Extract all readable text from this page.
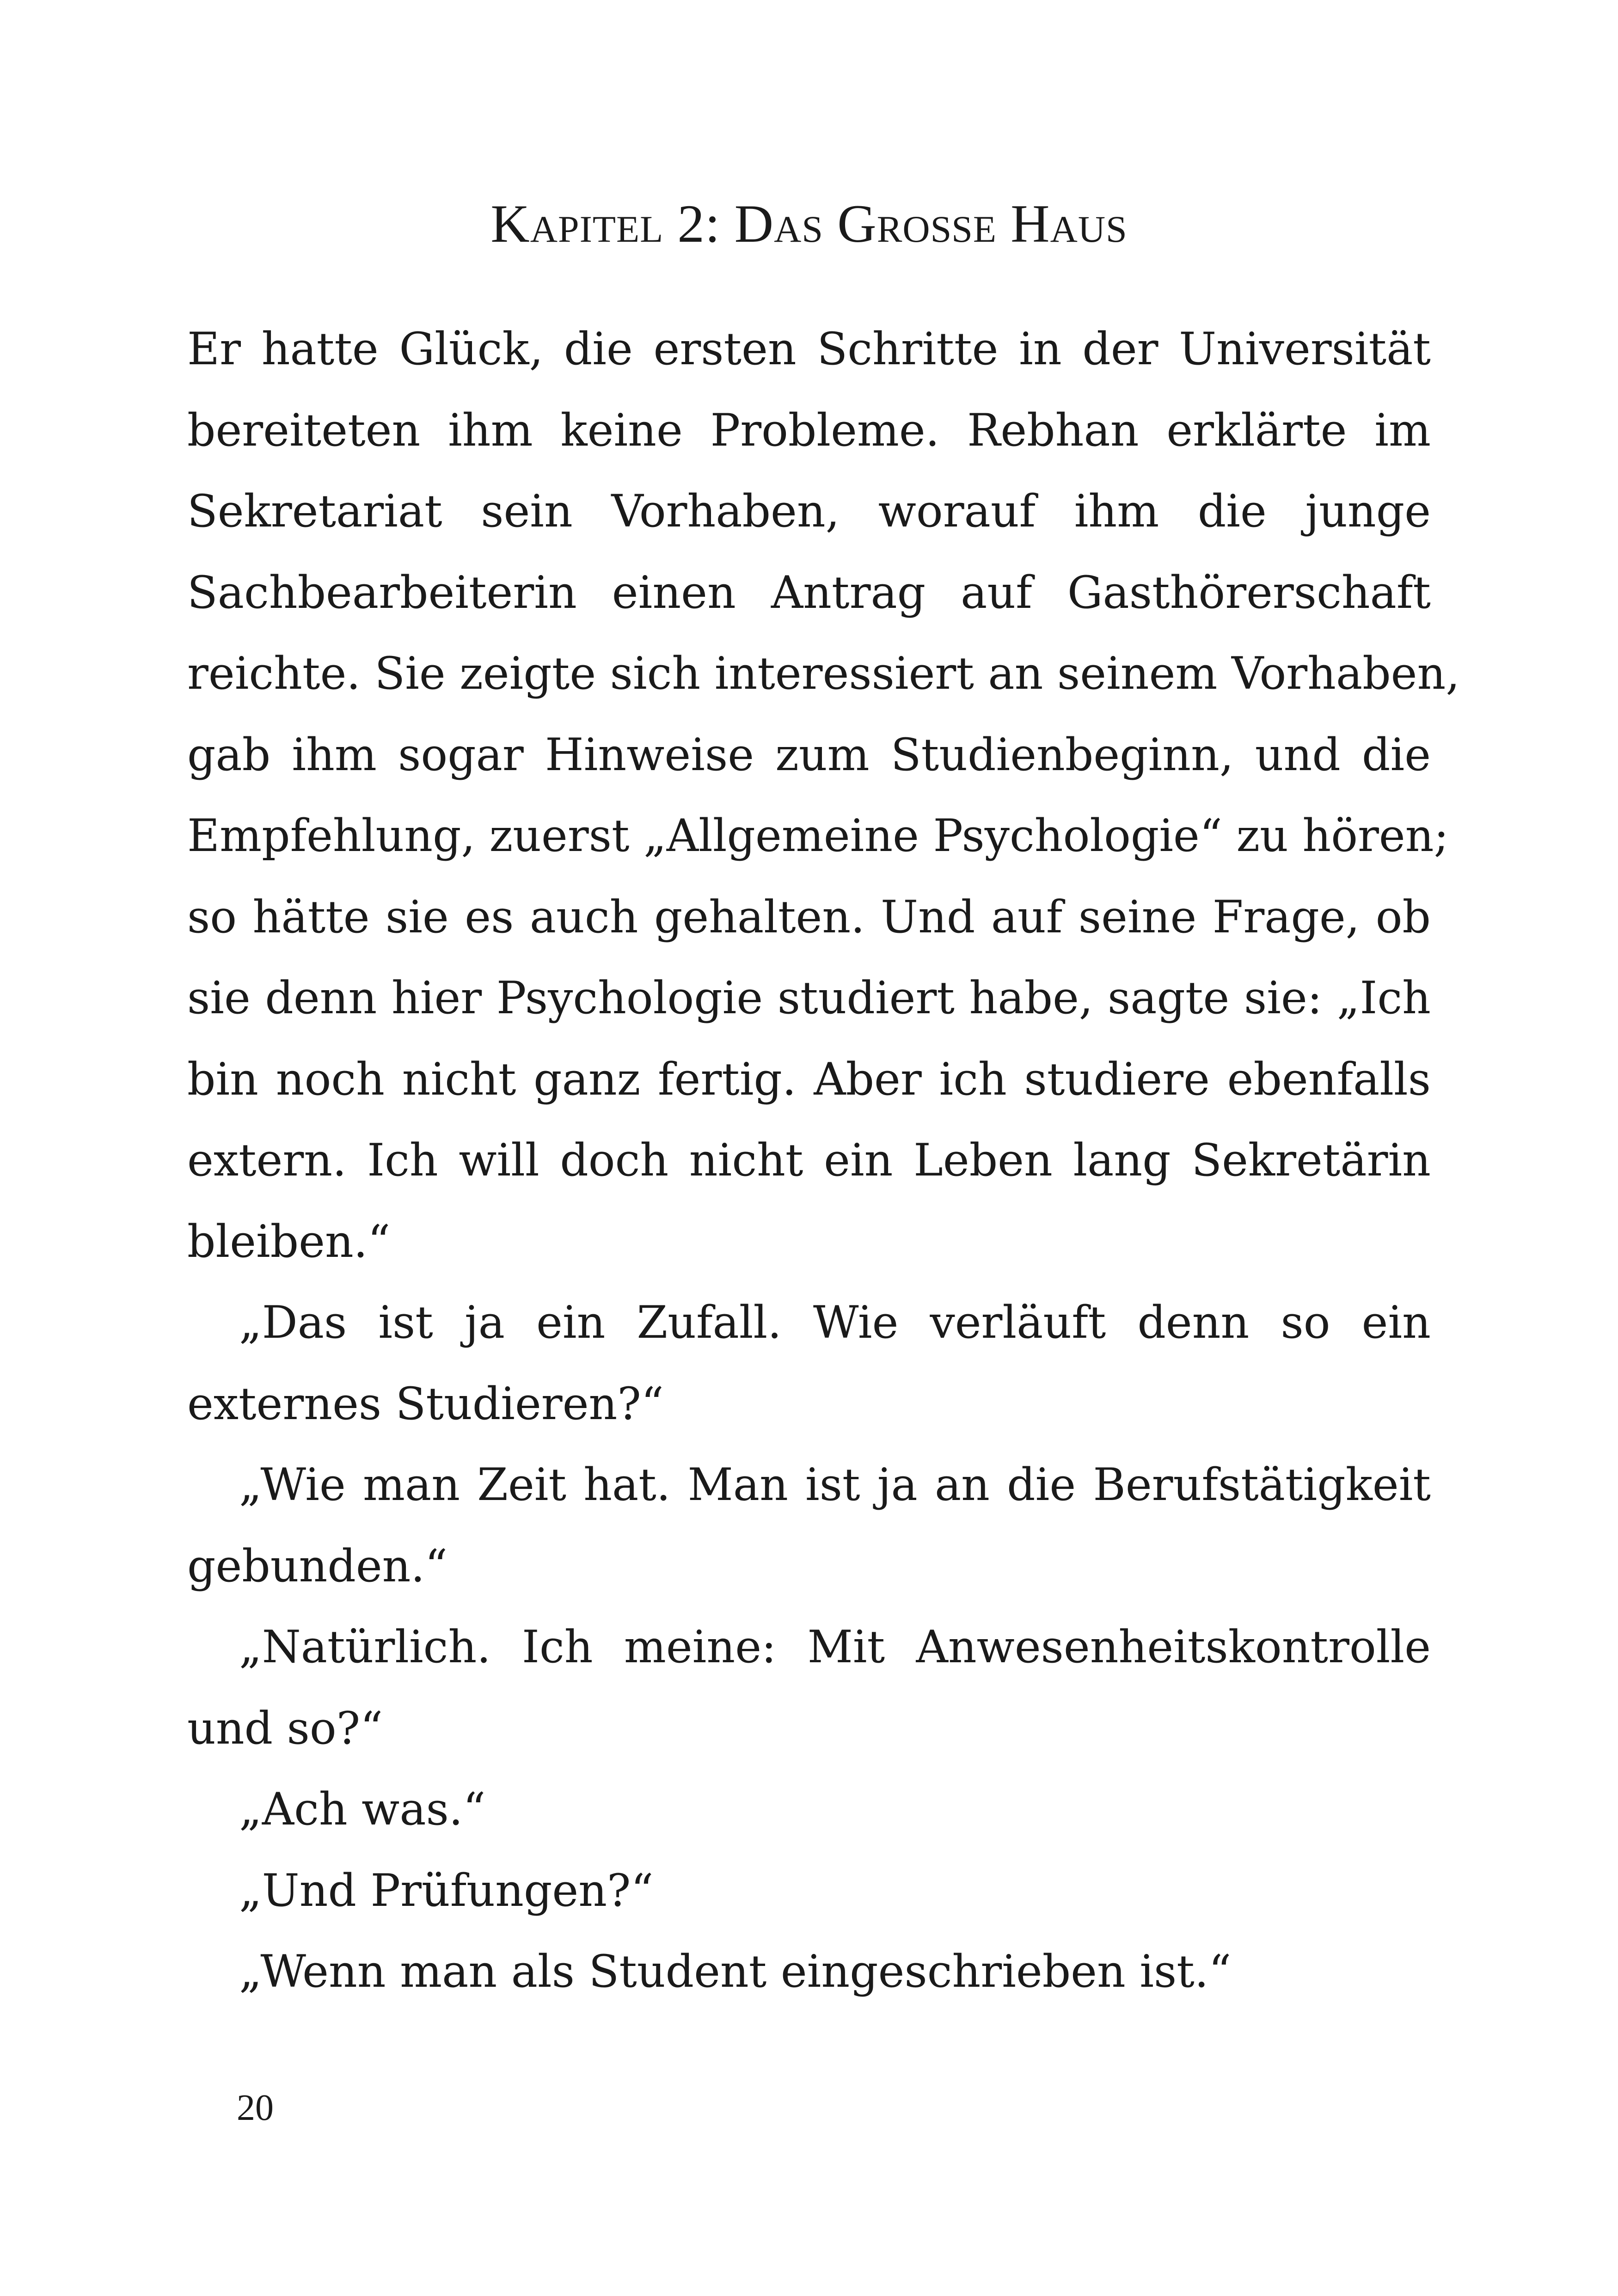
Kapitel 2: Das Große Haus

Er hatte Glück, die ersten Schritte in der Universität
bereiteten ihm keine Probleme. Rebhan erklärte im
Sekretariat sein Vorhaben, worauf ihm die junge
Sachbearbeiterin einen Antrag auf Gasthörerschaft
reichte. Sie zeigte sich interessiert an seinem Vorhaben,
gab ihm sogar Hinweise zum Studienbeginn, und die
Empfehlung, zuerst „Allgemeine Psychologie“ zu hören;
so hätte sie es auch gehalten. Und auf seine Frage, ob
sie denn hier Psychologie studiert habe, sagte sie: „Ich
bin noch nicht ganz fertig. Aber ich studiere ebenfalls
extern. Ich will doch nicht ein Leben lang Sekretärin
bleiben.“

„Das ist ja ein Zufall. Wie verläuft denn so ein
externes Studieren?“

„Wie man Zeit hat. Man ist ja an die Berufstätigkeit
gebunden.“

„Natürlich. Ich meine: Mit Anwesenheitskontrolle
und so?“

„Ach was.“

„Und Prüfungen?“

„Wenn man als Student eingeschrieben ist.“

20
